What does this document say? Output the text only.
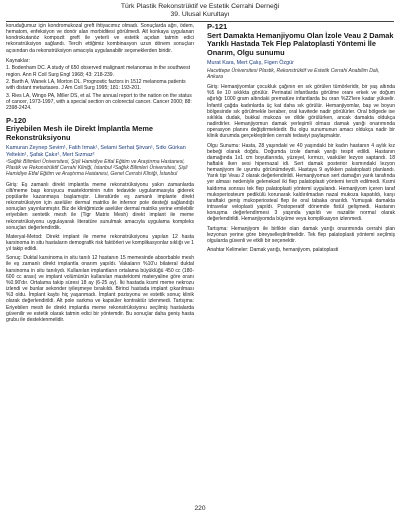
Türk Plastik Rekonstrüktif ve Estetik Cerrahi Derneği
39. Ulusal Kurultayı

koruduğumuz için kondromukozal greft ihtiyacımız olmadı. Sonuçlarda ağrı, ödem, hematom, enfeksiyon ve donör alan morbiditesi görülmedi. Alt konkaya uygulanan kondrokutanöz kompozit greft ile yeterli ve estetik açıdan tatmin edici rekonstrüksiyon sağlandı. Tercih ettiğimiz kombinasyon uzun dönem sonuçları açısından da rekonstrüksiyon amacıyla uygulanabilir seçeneklerden biridir.

Kaynaklar:

1. Bodenham DC. A study of 650 observed malignant melanomas in the southwest region. Ann R Coll Surg Engl 1968; 43: 218-239.

2. Barth A, Wanek LA, Morton DL. Prognostic factors in 1512 melanoma patients with distant metastases. J Am Coll Surg 1995; 181: 193-201.

3. Ries LA, Wingo PA, Miller DS, et al. The annual report to the nation on the status of cancer, 1973-1997, with a special section on colorectal cancer. Cancer 2000; 88: 2398-2424.

P-120

Eriyebilen Mesh ile Direkt İmplantla Meme Rekonstrüksiyonu

Kamuran Zeynep Sevim¹, Fatih Irmak¹, Selami Serhat Şirvan¹, Sıtkı Gürkan Yeltekin¹, Şafak Çakır¹, Mert Sızmaz²

¹Sağlık Bilimleri Üniversitesi, Şişli Hamidiye Etfal Eğitim ve Araştırma Hastanesi, Plastik ve Rekonstrüktif Cerrahi Kliniği, İstanbul ²Sağlık Bilimleri Üniversitesi, Şişli Hamidiye Etfal Eğitim ve Araştırma Hastanesi, Genel Cerrahi Kliniği, İstanbul

Giriş: Eş zamanlı direkt implantla meme rekonstrüksiyonu yakın zamanlarda cilt/meme başı koruyucu mastektominin rutin tedavide uygulanmasıyla giderek popülarite kazanmaya başlamıştır. Literatürde eş zamanlı implante direkt rekonstrüksiyon için aselüler dermal matriks ile infernor pole desteği sağlandığı sonuçları yayınlanmıştır. Biz de kliniğimizde aselüler dermal matriks yerine emilebilir eriyebilen sentetik mesh ile (Tigr Matrix Mesh) direkt implant ile meme rekonstrüksiyonu uygulayarak literatüre sunulmak amacıyla uygulama kompleks sonuçları değerlendirdik.

Materyal-Metod: Direkt implant ile meme rekonstrüksiyonu yapılan 12 hasta karsinoma in situ hastaların demografik risk faktörleri ve komplikasyonlar sıklığı ve 1 yıl takip edildi.

Sonuç: Duktal karsinoma in situ tanılı 12 hastanın 15 memesinde absorbable mesh ile eş zamanlı direkt implantla onarım yapıldı. Vakaların %10'u bilateral duktal karsinoma in situ tanılıydı. Kullanılan implantların ortalama büyüklüğü 450 cc (180-600 cc arası) ve implant volümünün kullanılan mastektomi materyaline göre oranı %0.90'dır. Ortalama takip süresi 18 ay (6-25 ay). İki hastada kısmi meme nekrozu izlendi ve bunlar sekonder iyileşmeye bırakıldı. Birinci hastada implant çıkarılması %3 oldu. İmplant kaybı hiç yaşanmadı. İmplant pozisyonu ve estetik sonuç klinik olarak değerlendirildi. Alt pole sarkma ve kapsüler kontraktür izlenmedi. Tartışma: Eriyebilen mesh ile direkt implantla meme rekonstrüksiyonu seçilmiş hastalarda güvenilir ve estetik olarak tatmin edici bir yöntemdir. Bu sonuçlar daha geniş hasta grubu ile desteklenmelidir.

P-121

Sert Damakta Hemanjiyomu Olan İzole Veau 2 Damak Yarıklı Hastada Tek Flep Palatoplasti Yöntemi İle Onarım, Olgu sunumu

Murat Kara, Mert Çalış, Figen Özgür

Hacettepe Üniversitesi Plastik, Rekonstrüktif ve Estetik Cerrahi Anabilim Dalı, Ankara

Giriş: Hemanjiyomlar çocukluk çağının en sık görülen tümörleridir, bir yaş altında %5 ile 10 sıklıkta görülür. Perinatal infantlarda görülme oranı erkek ve doğum ağırlığı 1000 gram altındaki prematüre infantlarda bu oran %22'lere kadar yükselir. İnfantil çağda kadınlarda üç kat daha sık görülür. Hemanjiyomlar, baş ve boyun bölgesinde sık görülmekle beraber, oral kavitede nadir görülürler. Oral bölgede ise sıklıkla dudak, bukkal mukoza ve dilde görülürken, ancak damakta oldukça nadirdirler. Hemanjiyomun damak yerleşimli olması damak yarığı onarımında operasyon planını değiştirmektedir. Bu olgu sunumunun amacı oldukça nadir bir klinik durumda gerçekleştirilen cerrahi tedaviyi paylaşmaktır.

Olgu Sunumu: Hasta, 28 yaşındaki ve 40 yaşındaki bir kadın hastanın 4 aylık kız bebeği olarak doğdu. Doğumda izole damak yarığı tespit edildi. Hastanın damağında 1x1 cm boyutlarında, yüzeyel, kırmızı, vasküler lezyon saptandı. 18 haftalık iken sesi hipernazal idi. Sert damak posterior kısmındaki lezyon hemanjiyom ile uyumlu görünümdeydi. Hastaya 9 aylıkken palatoplasti planlandı. Yarık tipi Veau 2 olarak değerlendirildi. Hemanjiyomun sert damağın yarık tarafında yer alması nedeniyle geleneksel iki flep palatoplasti yöntemi tercih edilmedi. Kısmi kaldırma sonrası tek flep palatoplasti yöntemi uygulandı. Hemanjiyom içeren taraf mukoperiosteum pedikülü korunarak kaldırılmadan nazal mukoza kapatıldı, karşı taraftaki geniş mukoperiosteal flep ile oral tabaka onarıldı. Yumuşak damakta intravelar veloplasti yapıldı. Postoperatif dönemde fistül gelişmedi. Hastanın konuşma değerlendirmesi 3 yaşında yapıldı ve nazalite normal olarak değerlendirildi. Hemanjiyomda büyüme veya komplikasyon izlenmedi.

Tartışma: Hemanjiyom ile birlikte olan damak yarığı onarımında cerrahi plan lezyonun yerine göre bireyselleştirilmelidir. Tek flep palatoplasti yöntemi seçilmiş olgularda güvenli ve etkili bir seçenektir.

Anahtar Kelimeler: Damak yarığı, hemanjiyom, palatoplasti

220
